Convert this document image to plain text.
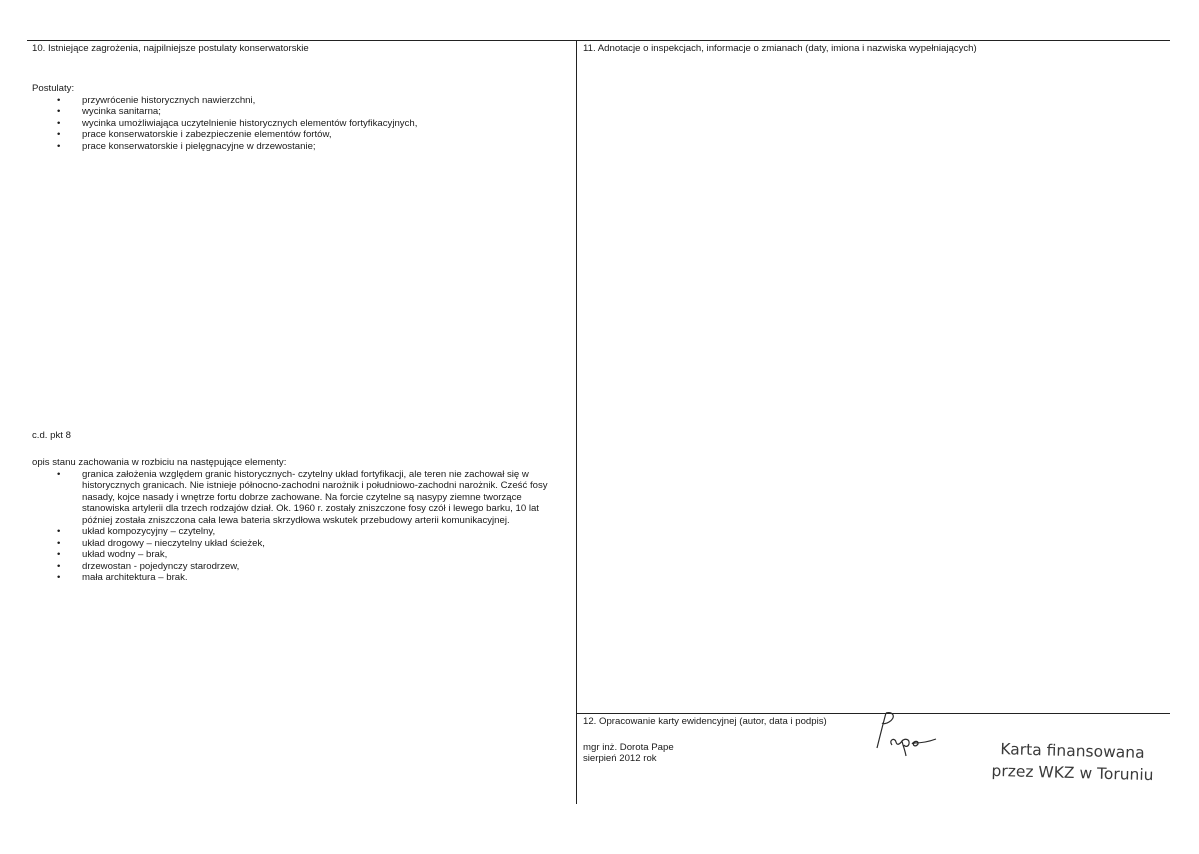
10. Istniejące zagrożenia, najpilniejsze postulaty konserwatorskie

Postulaty:

• przywrócenie historycznych nawierzchni,
• wycinka sanitarna;
• wycinka umożliwiająca uczytelnienie historycznych elementów fortyfikacyjnych,
• prace konserwatorskie i zabezpieczenie elementów fortów,
• prace konserwatorskie i pielęgnacyjne w drzewostanie;
c.d. pkt 8

opis stanu zachowania w rozbiciu na następujące elementy:

• granica założenia względem granic historycznych- czytelny układ fortyfikacji, ale teren nie zachował się w historycznych granicach. Nie istnieje północno-zachodni narożnik i południowo-zachodni narożnik. Cześć fosy nasady, kojce nasady i wnętrze fortu dobrze zachowane. Na forcie czytelne są nasypy ziemne tworzące stanowiska artylerii dla trzech rodzajów dział. Ok. 1960 r. zostały zniszczone fosy czół i lewego barku, 10 lat później została zniszczona cała lewa bateria skrzydłowa wskutek przebudowy arterii komunikacyjnej.
• układ kompozycyjny – czytelny,
• układ drogowy – nieczytelny układ ścieżek,
• układ wodny – brak,
• drzewostan - pojedynczy starodrzew,
• mała architektura – brak.
11. Adnotacje o inspekcjach, informacje o zmianach (daty, imiona i nazwiska wypełniających)
12. Opracowanie karty ewidencyjnej (autor, data i podpis)
mgr inż. Dorota Pape
sierpień 2012 rok	Karta finansowana
przez WKZ w Toruniu
